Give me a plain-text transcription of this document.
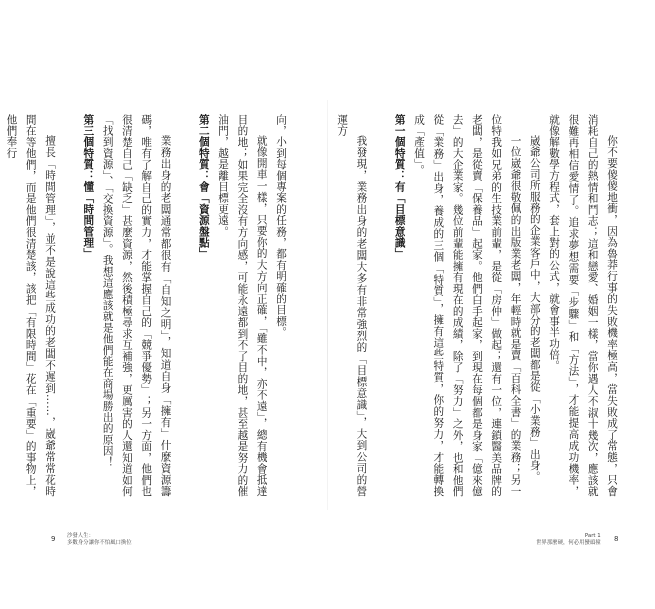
向，小到每個專案的任務，都有明確的目標。

就像開車一樣，只要你的大方向正確，「雖不中，亦不遠」，總有機會抵達目的地；如果完全沒有方向感，可能永遠都到不了目的地，甚至越是努力的催油門，越是離目標更遠。

第二個特質：會「資源盤點」

業務出身的老闆通常都很有「自知之明」，知道自身「擁有」什麼資源籌碼，唯有了解自己的實力，才能掌握自己的「競爭優勢」；另一方面，他們也很清楚自己「缺乏」甚麼資源，然後積極尋求互補強，更厲害的人還知道如何「找到資源」、「交換資源」。我想這應該就是他們能在商場勝出的原因！

第三個特質：懂「時間管理」

擅長「時間管理」，並不是說這些成功的老闆不遲到……，崴爺常常花時間在等他們，而是他們很清楚該，該把「有限時間」花在「重要」的事物上，他們奉行

9 沙發人生：
多數身分讓你不怕風口換位

你不要傻傻地衝，因為魯莽行事的失敗機率極高，當失敗成了常態，只會消耗自己的熱情和鬥志；這和戀愛、婚姻一樣，當你遇人不淑十幾次，應該就很難再相信愛情了。追求夢想需要「步驟」和「方法」，才能提高成功機率，就像解數學方程式，套上對的公式，就會事半功倍。

崴爺公司所服務的企業客戶中，大部分的老闆都是從「小業務」出身。

一位崴爺很敬佩的出版業老闆，年輕時就是賣「百科全書」的業務；另一位特我如兄弟的生技業前輩，是從「房仲」做起；還有一位，連鎖醫美品牌的老闆，是從賣「保養品」起家。他們白手起家，到現在每個都是身家「億來億去」的大企業家。幾位前輩能擁有現在的成績，除了「努力」之外，也和他們從「業務」出身，養成的三個「特質」，擁有這些特質，你的努力，才能轉換成「產值」。

第一個特質：有「目標意識」

我發現，業務出身的老闆大多有非常強烈的「目標意識」，大到公司的營運方

Part 1
世界那麼硬，何必用蠻頭撞 8
